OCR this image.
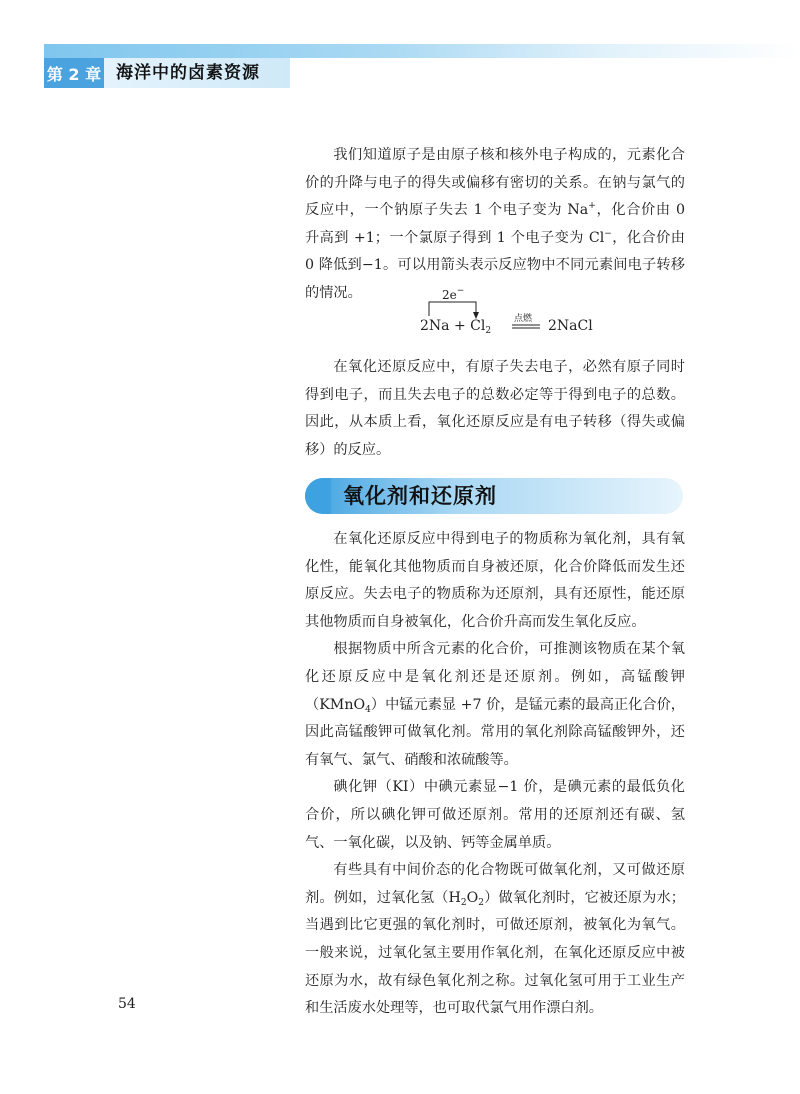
第 2 章 海洋中的卤素资源

我们知道原子是由原子核和核外电子构成的，元素化合价的升降与电子的得失或偏移有密切的关系。在钠与氯气的反应中，一个钠原子失去 1 个电子变为 Na+，化合价由 0 升高到 +1；一个氯原子得到 1 个电子变为 Cl−，化合价由 0 降低到−1。可以用箭头表示反应物中不同元素间电子转移的情况。	2e−
$2Na + Cl_2$
点燃 2NaCl

在氧化还原反应中，有原子失去电子，必然有原子同时得到电子，而且失去电子的总数必定等于得到电子的总数。因此，从本质上看，氧化还原反应是有电子转移（得失或偏移）的反应。

氧化剂和还原剂

在氧化还原反应中得到电子的物质称为氧化剂，具有氧化性，能氧化其他物质而自身被还原，化合价降低而发生还原反应。失去电子的物质称为还原剂，具有还原性，能还原其他物质而自身被氧化，化合价升高而发生氧化反应。

根据物质中所含元素的化合价，可推测该物质在某个氧化还原反应中是氧化剂还是还原剂。例如，高锰酸钾（KMnO$_4$）中锰元素显 +7 价，是锰元素的最高正化合价，因此高锰酸钾可做氧化剂。常用的氧化剂除高锰酸钾外，还有氧气、氯气、硝酸和浓硫酸等。

碘化钾（KI）中碘元素显−1 价，是碘元素的最低负化合价，所以碘化钾可做还原剂。常用的还原剂还有碳、氢气、一氧化碳，以及钠、钙等金属单质。

有些具有中间价态的化合物既可做氧化剂，又可做还原剂。例如，过氧化氢$(H_2O_2)$做氧化剂时，它被还原为水；当遇到比它更强的氧化剂时，可做还原剂，被氧化为氧气。一般来说，过氧化氢主要用作氧化剂，在氧化还原反应中被还原为水，故有绿色氧化剂之称。过氧化氢可用于工业生产和生活废水处理等，也可取代氯气用作漂白剂。

54
